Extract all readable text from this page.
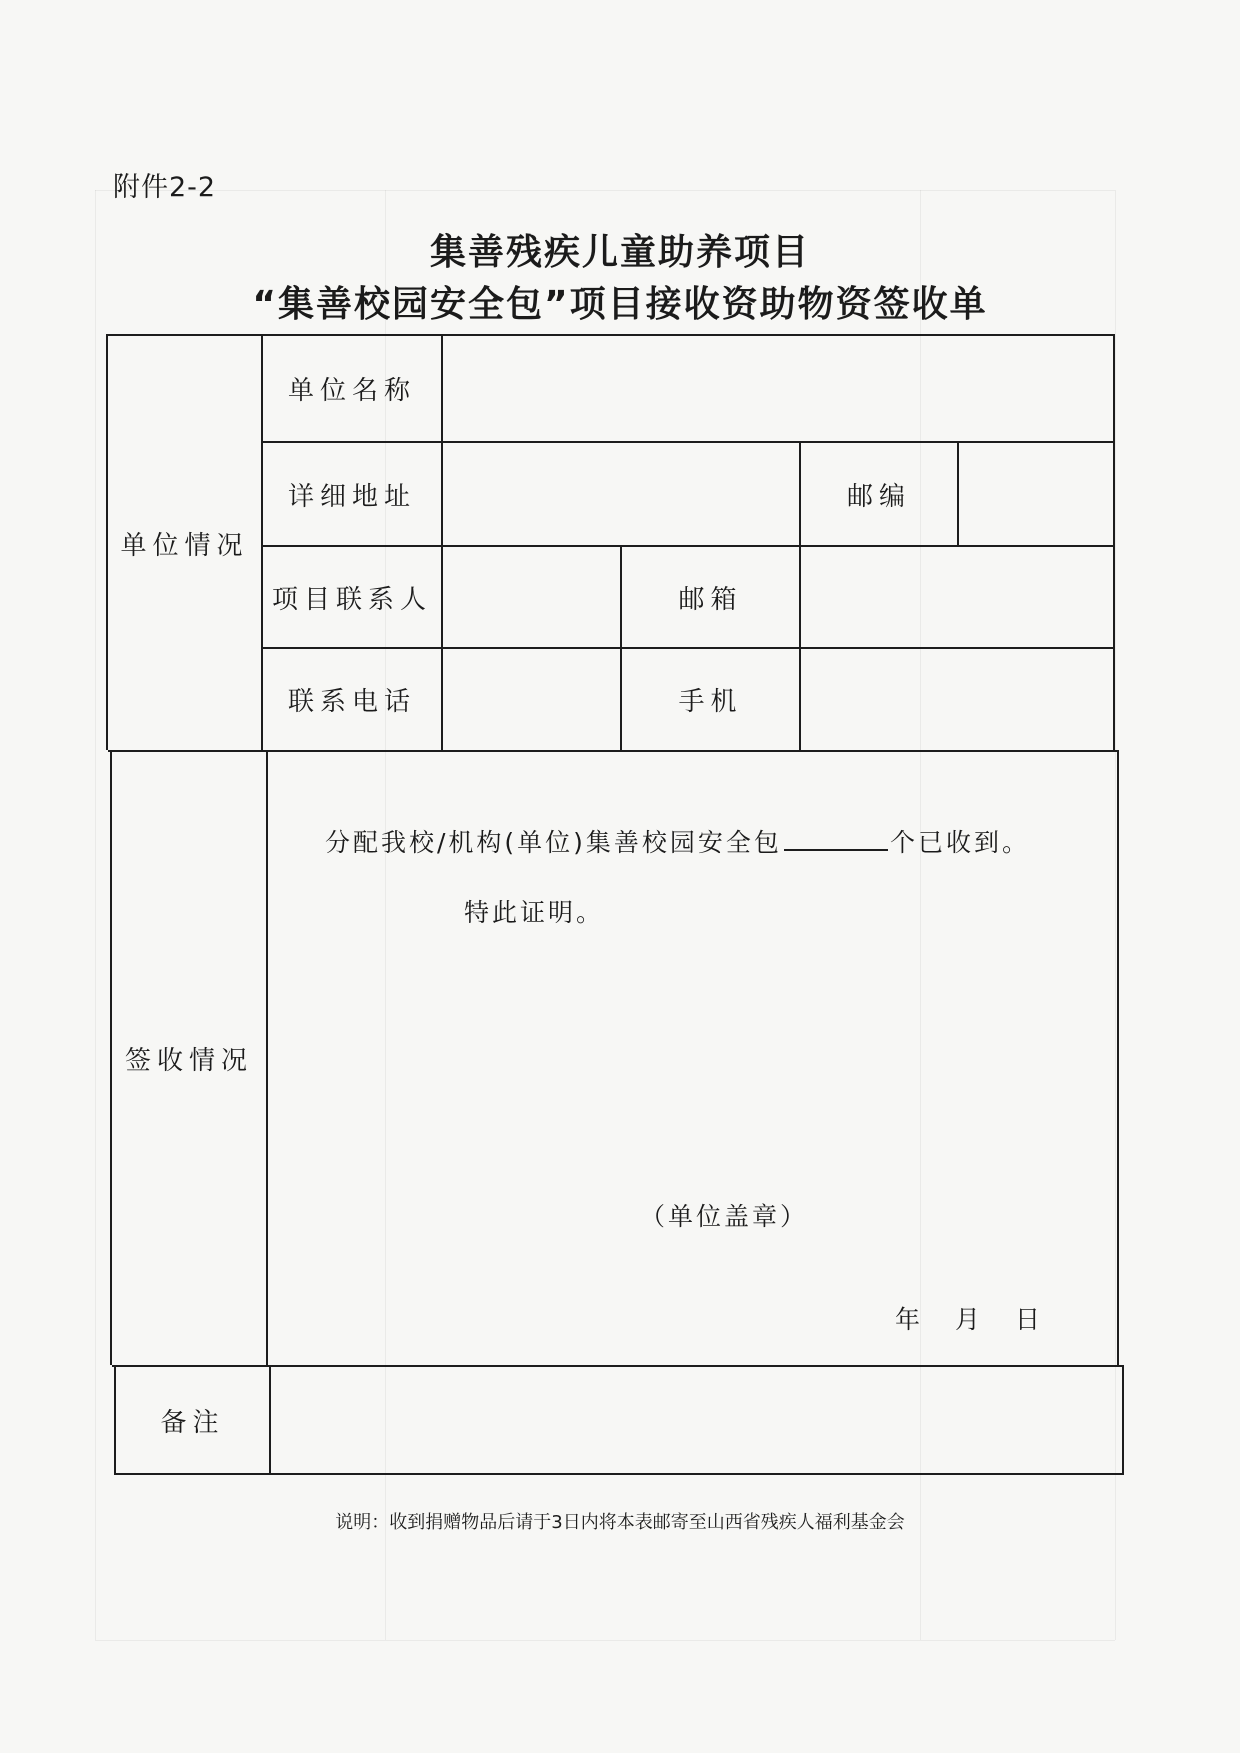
附件2-2
集善残疾儿童助养项目
“集善校园安全包”项目接收资助物资签收单
单位情况
签收情况
备注
单位名称
详细地址	邮编
项目联系人	邮箱
联系电话	手机
分配我校/机构(单位)集善校园安全包	个已收到。
特此证明。
（单位盖章）
年 月 日
说明：收到捐赠物品后请于3日内将本表邮寄至山西省残疾人福利基金会
